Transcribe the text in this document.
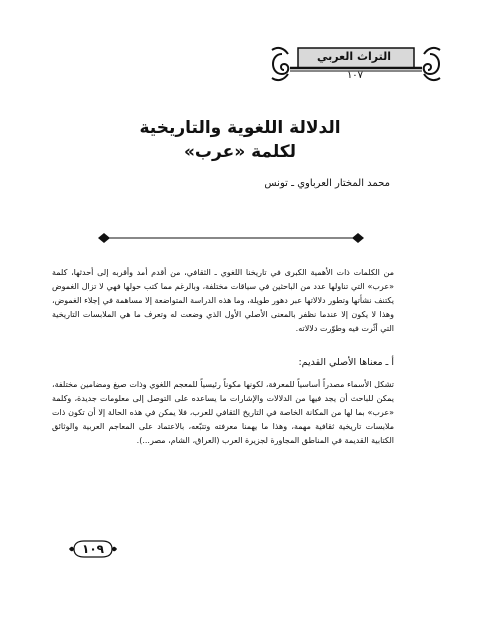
التراث العربي
١٠٧
الدلالة اللغوية والتاريخية
لكلمة «عرب»
محمد المختار العرباوي ـ تونس
من الكلمات ذات الأهمية الكبرى في تاريخنا اللغوي ـ الثقافي، من أقدم أمد وأقربه إلى أحدثها، كلمة «عرب» التي تناولها عدد من الباحثين في سياقات مختلفة، وبالرغم مما كتب حولها فهي لا تزال الغموض يكتنف نشأتها وتطور دلالاتها عبر دهور طويلة، وما هذه الدراسة المتواضعة إلا مساهمة في إجلاء الغموض، وهذا لا يكون إلا عندما نظفر بالمعنى الأصلي الأول الذي وضعت له وتعرف ما هي الملابسات التاريخية التي أثّرت فيه وطوّرت دلالاته.
أ ـ معناها الأصلي القديم:
تشكل الأسماء مصدراً أساسياً للمعرفة، لكونها مكوناً رئيسياً للمعجم اللغوي وذات صيغ ومضامين مختلفة، يمكن للباحث أن يجد فيها من الدلالات والإشارات ما يساعده على التوصل إلى معلومات جديدة، وكلمة «عرب» بما لها من المكانة الخاصة في التاريخ الثقافي للعرب، فلا يمكن في هذه الحالة إلا أن تكون ذات ملابسات تاريخية ثقافية مهمة، وهذا ما يهمنا معرفته وتتبّعه، بالاعتماد على المعاجم العربية والوثائق الكتابية القديمة في المناطق المجاورة لجزيرة العرب (العراق، الشام، مصر...).
١٠٩
